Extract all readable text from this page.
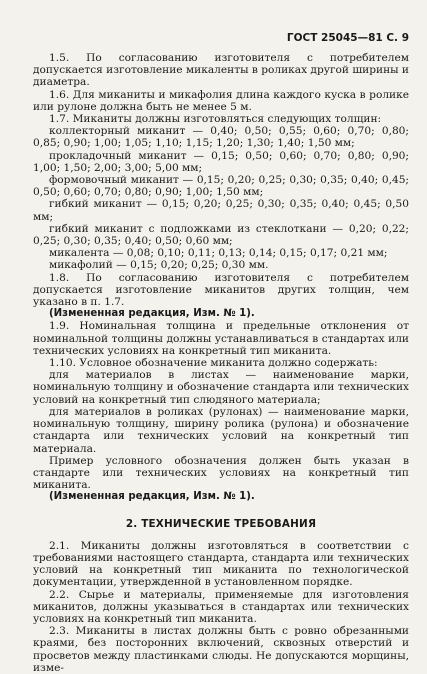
ГОСТ 25045—81 С. 9

1.5. По согласованию изготовителя с потребителем допускается изготовление микаленты в роликах другой ширины и диаметра.

1.6. Для миканиты и микафолия длина каждого куска в ролике или рулоне должна быть не менее 5 м.

1.7. Миканиты должны изготовляться следующих толщин:

коллекторный миканит — 0,40; 0,50; 0,55; 0,60; 0,70; 0,80; 0,85; 0,90; 1,00; 1,05; 1,10; 1,15; 1,20; 1,30; 1,40; 1,50 мм;

прокладочный миканит — 0,15; 0,50; 0,60; 0,70; 0,80; 0,90; 1,00; 1,50; 2,00; 3,00; 5,00 мм;

формовочный миканит — 0,15; 0,20; 0,25; 0,30; 0,35; 0,40; 0,45; 0,50; 0,60; 0,70; 0,80; 0,90; 1,00; 1,50 мм;

гибкий миканит — 0,15; 0,20; 0,25; 0,30; 0,35; 0,40; 0,45; 0,50 мм;

гибкий миканит с подложками из стеклоткани — 0,20; 0,22; 0,25; 0,30; 0,35; 0,40; 0,50; 0,60 мм;

микалента — 0,08; 0,10; 0,11; 0,13; 0,14; 0,15; 0,17; 0,21 мм;

микафолий — 0,15; 0,20; 0,25; 0,30 мм.

1.8. По согласованию изготовителя с потребителем допускается изготовление миканитов других толщин, чем указано в п. 1.7.

(Измененная редакция, Изм. № 1).

1.9. Номинальная толщина и предельные отклонения от номинальной толщины должны устанавливаться в стандартах или технических условиях на конкретный тип миканита.

1.10. Условное обозначение миканита должно содержать:

для материалов в листах — наименование марки, номинальную толщину и обозначение стандарта или технических условий на конкретный тип слюдяного материала;

для материалов в роликах (рулонах) — наименование марки, номинальную толщину, ширину ролика (рулона) и обозначение стандарта или технических условий на конкретный тип материала.

Пример условного обозначения должен быть указан в стандарте или технических условиях на конкретный тип миканита.

(Измененная редакция, Изм. № 1).

2. ТЕХНИЧЕСКИЕ ТРЕБОВАНИЯ

2.1. Миканиты должны изготовляться в соответствии с требованиями настоящего стандарта, стандарта или технических условий на конкретный тип миканита по технологической документации, утвержденной в установленном порядке.

2.2. Сырье и материалы, применяемые для изготовления миканитов, должны указываться в стандартах или технических условиях на конкретный тип миканита.

2.3. Миканиты в листах должны быть с ровно обрезанными краями, без посторонних включений, сквозных отверстий и просветов между пластинками слюды. Не допускаются морщины, изме-
